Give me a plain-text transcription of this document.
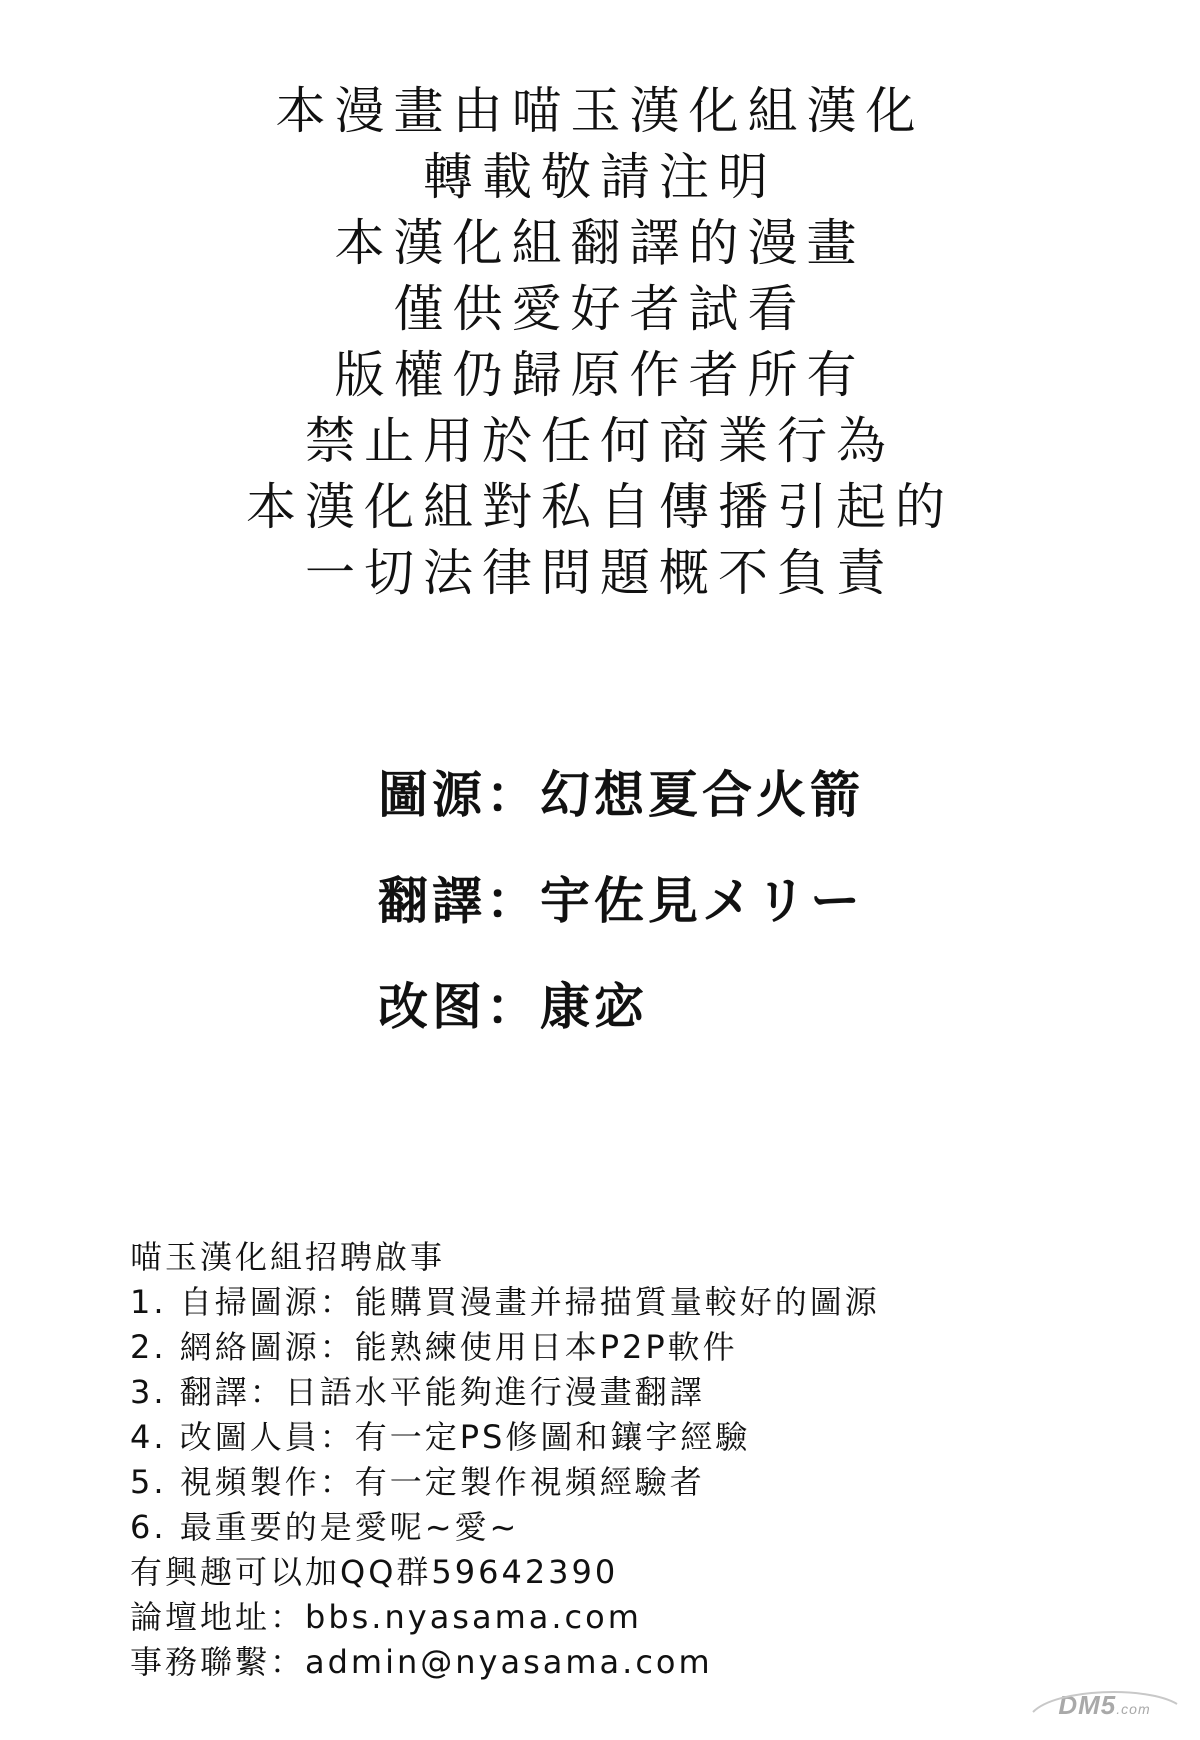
本漫畫由喵玉漢化組漢化
轉載敬請注明
本漢化組翻譯的漫畫
僅供愛好者試看
版權仍歸原作者所有
禁止用於任何商業行為
本漢化組對私自傳播引起的
一切法律問題概不負責
圖源：幻想夏合火箭
翻譯：宇佐見メリー
改图：康宓
喵玉漢化組招聘啟事
1. 自掃圖源：能購買漫畫并掃描質量較好的圖源
2. 網絡圖源：能熟練使用日本P2P軟件
3. 翻譯：日語水平能夠進行漫畫翻譯
4. 改圖人員：有一定PS修圖和鑲字經驗
5. 視頻製作：有一定製作視頻經驗者
6. 最重要的是愛呢~愛~
有興趣可以加QQ群59642390
論壇地址：bbs.nyasama.com
事務聯繫：admin@nyasama.com
DM5.com
